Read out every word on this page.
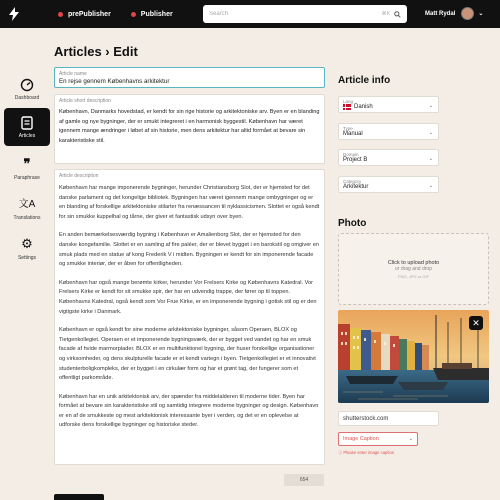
prePublisher	Publisher
Search	⌘K	Matt Rydal	⌄
Dashboard
Articles
❞
Paraphrase
文A
Translations
⚙
Settings
Articles › Edit
Article name
En rejse gennem Københavns arkitektur
Article short description
København, Danmarks hovedstad, er kendt for sin rige historie og arkitektoniske arv. Byen er en blanding af gamle og nye bygninger, der er smukt integreret i en harmonisk byggestil. København har været igennem mange ændringer i løbet af sin historie, men dens arkitektur har altid formået at bevare sin karakteristiske stil.
Article description

København har mange imponerende bygninger, herunder Christiansborg Slot, der er hjemsted for det danske parlament og det kongelige bibliotek. Bygningen har været igennem mange ombygninger og er en blanding af forskellige arkitektoniske stilarter fra renæssancen til nyklassicismen. Slottet er også kendt for sin smukke kuppelhal og tårne, der giver et fantastisk udsyn over byen.

En anden bemærkelsesværdig bygning i København er Amalienborg Slot, der er hjemsted for den danske kongefamilie. Slottet er en samling af fire paléer, der er blevet bygget i en barokstil og omgiver en smuk plads med en statue af kong Frederik V i midten. Bygningen er kendt for sin imponerende facade og smukke interiør, der er åben for offentligheden.

København har også mange berømte kirker, herunder Vor Frelsers Kirke og Københavns Katedral. Vor Frelsers Kirke er kendt for sit smukke spir, der har en udvendig trappe, der fører op til toppen. Københavns Katedral, også kendt som Vor Frue Kirke, er en imponerende bygning i gotisk stil og er den vigtigste kirke i Danmark.

København er også kendt for sine moderne arkitektoniske bygninger, såsom Operaen, BLOX og Tietgenkollegiet. Operaen er et imponerende bygningsværk, der er bygget ved vandet og har en smuk facade af hvide marmorplader. BLOX er en multifunktionel bygning, der huser forskellige organisationer og virksomheder, og dens skulpturelle facade er et kendt vartegn i byen. Tietgenkollegiet er et innovativt studenterboligkompleks, der er bygget i en cirkulær form og har et grønt tag, der fungerer som et offentligt parkområde.

København har en unik arkitektonisk arv, der spænder fra middelalderen til moderne tider. Byen har formået at bevare sin karakteristiske stil og samtidig integrere moderne bygninger og design. København er en af de smukkeste og mest arkitektonisk interessante byer i verden, og det er en oplevelse at udforske dens forskellige bygninger og historiske steder.

654
Article info
Lang
Danish	⌄
Type
Manual	⌄
Domain
Project B	⌄
Category
Arkitektur	⌄
Photo
Click to upload photo
or drag and drop
PNG, JPG or GIF
✕
shutterstock.com
Image Caption	⌄
ⓘ Please enter image caption
